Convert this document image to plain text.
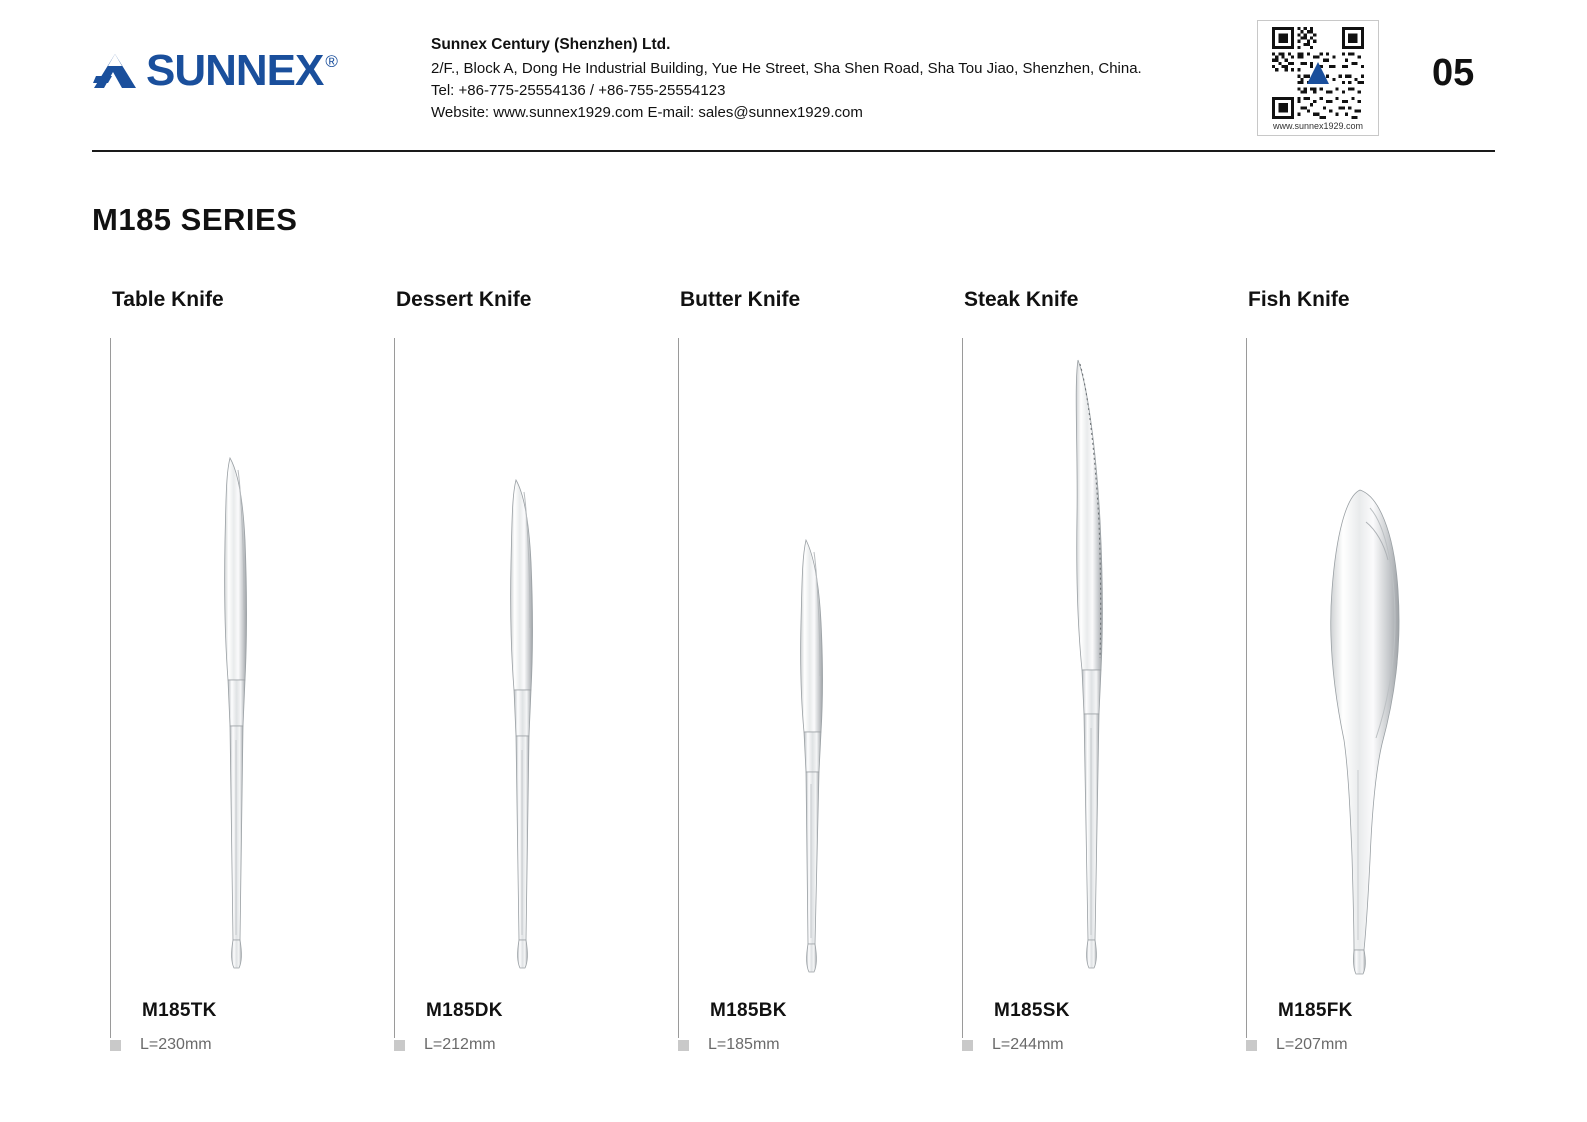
SUNNEX ®
Sunnex Century (Shenzhen) Ltd.
2/F., Block A, Dong He Industrial Building, Yue He Street, Sha Shen Road, Sha Tou Jiao, Shenzhen, China.
Tel: +86-775-25554136 / +86-755-25554123
Website: www.sunnex1929.com E-mail: sales@sunnex1929.com
www.sunnex1929.com
05
M185 SERIES
Table Knife
M185TK
L=230mm
Dessert Knife
M185DK
L=212mm
Butter Knife
M185BK
L=185mm
Steak Knife
M185SK
L=244mm
Fish Knife
M185FK
L=207mm
